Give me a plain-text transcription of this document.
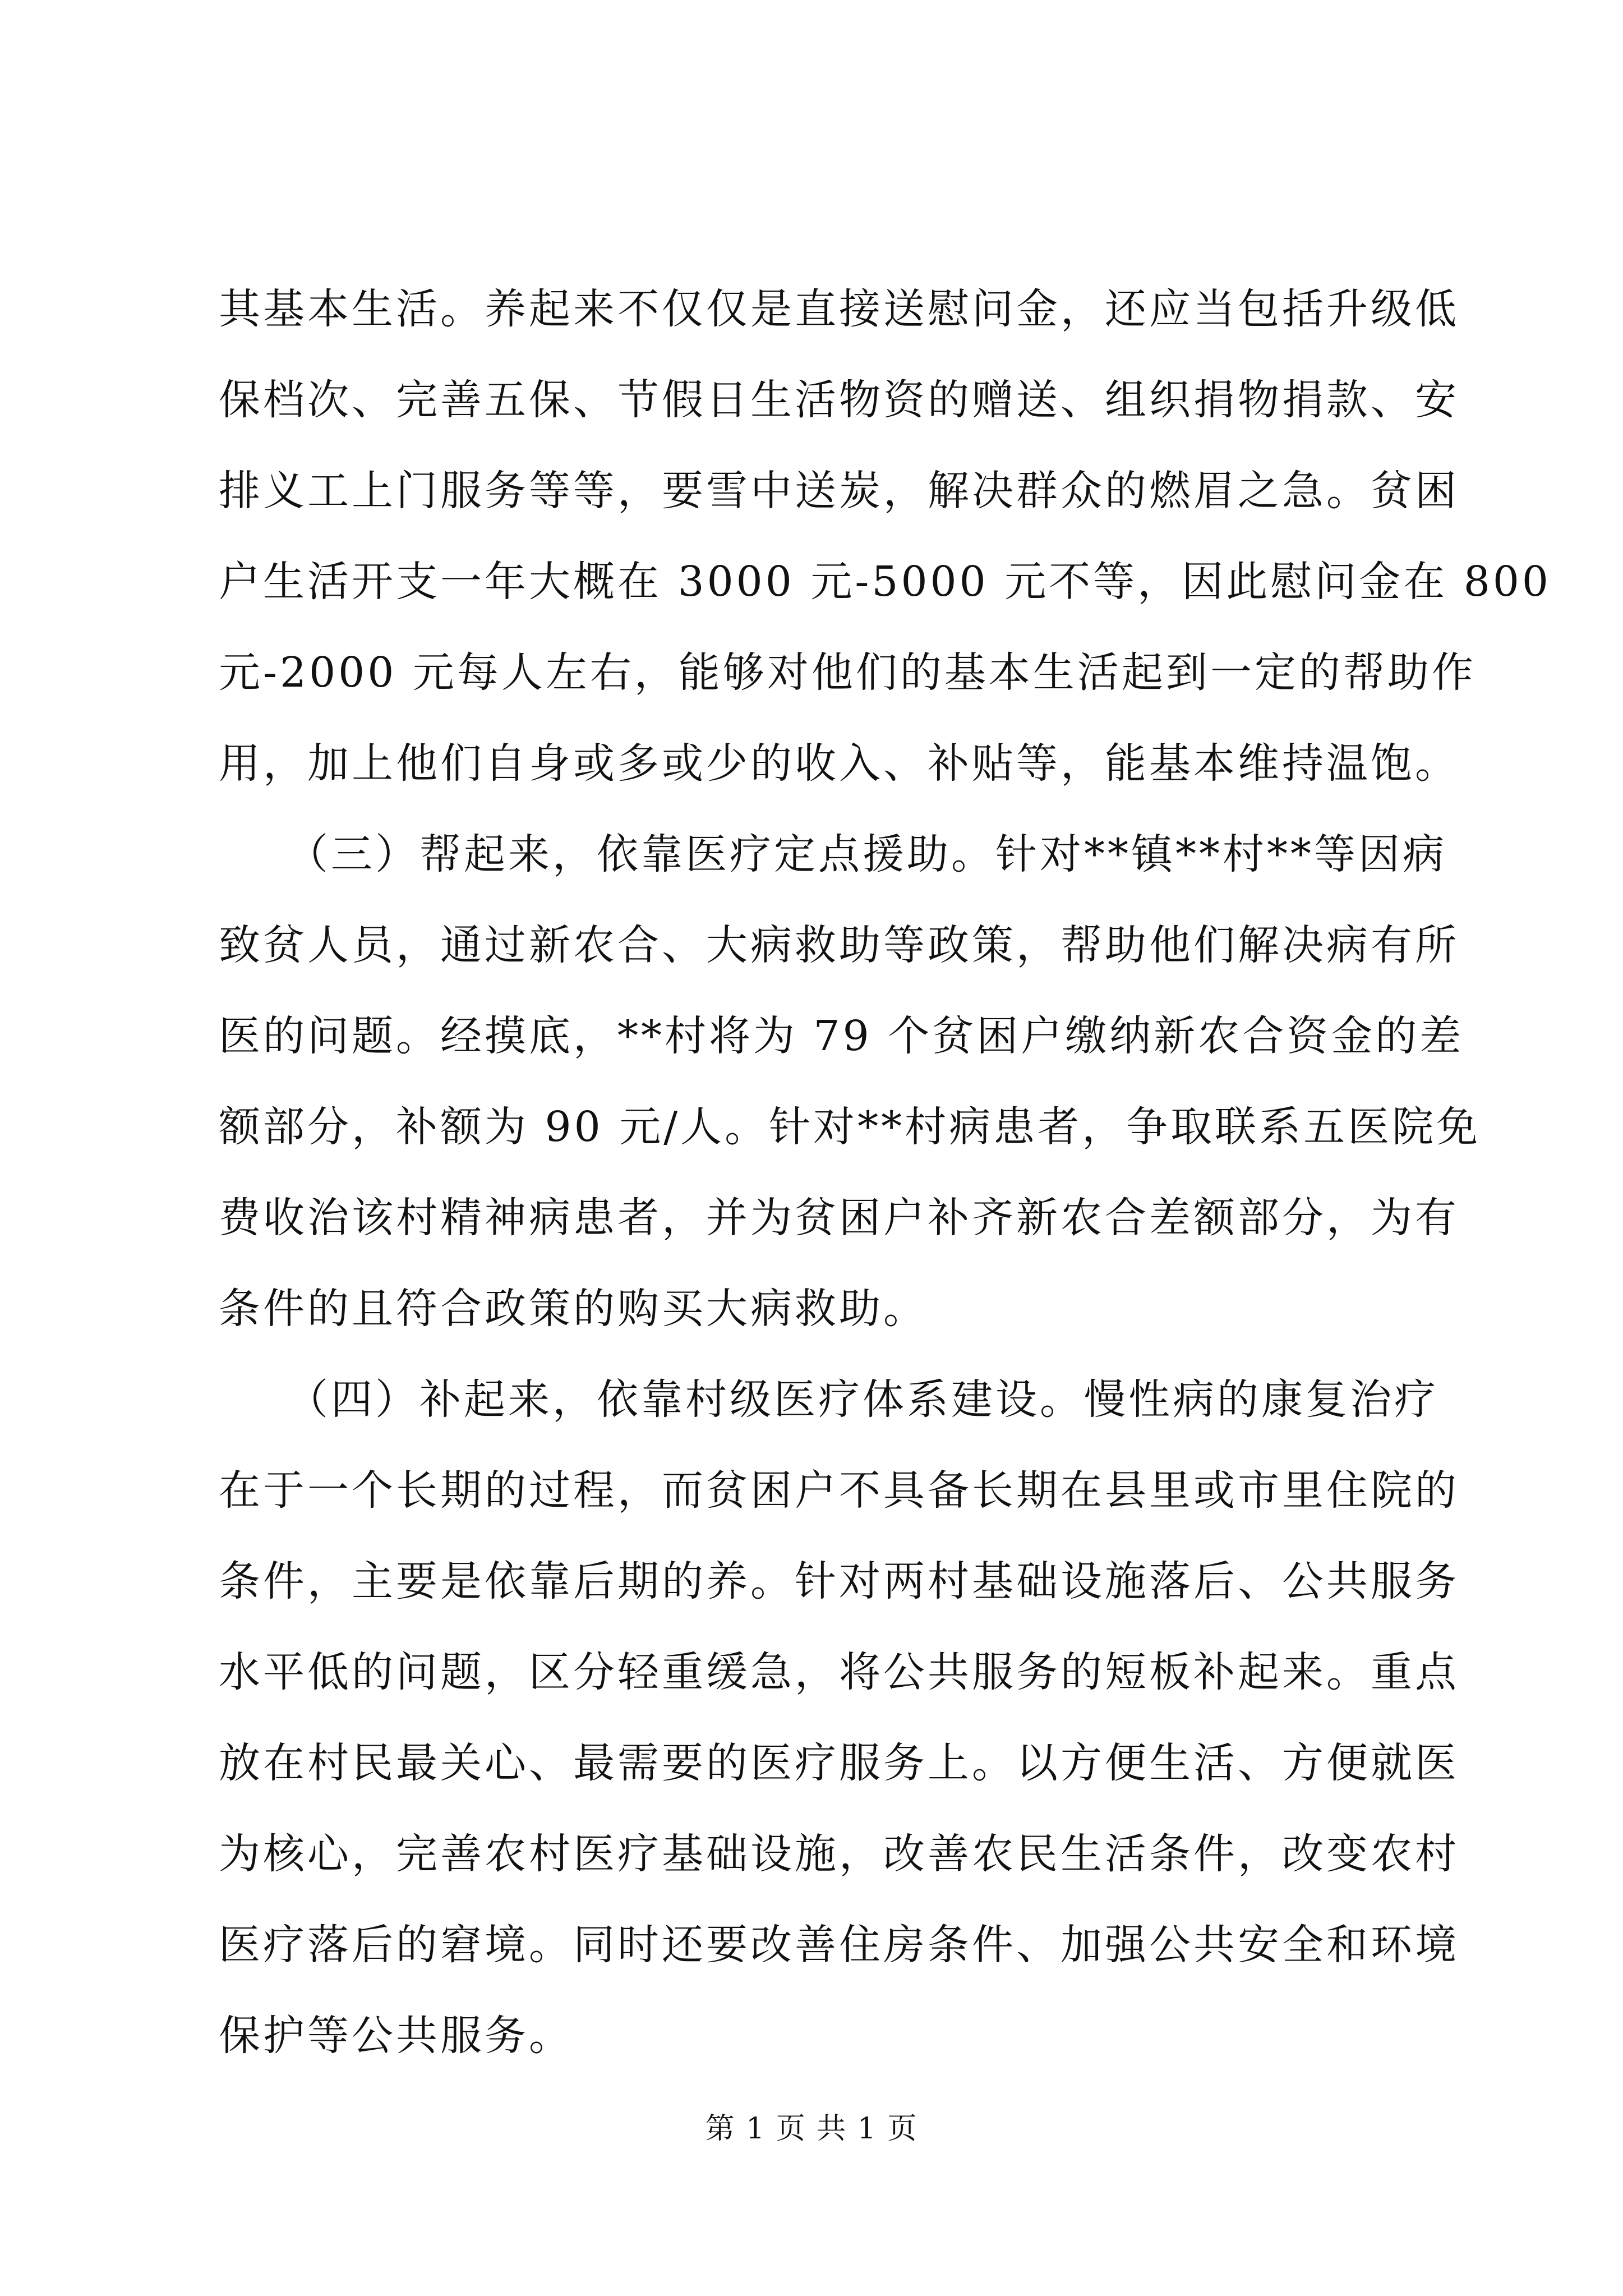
其基本生活。养起来不仅仅是直接送慰问金，还应当包括升级低
保档次、完善五保、节假日生活物资的赠送、组织捐物捐款、安
排义工上门服务等等，要雪中送炭，解决群众的燃眉之急。贫困
户生活开支一年大概在 3000 元-5000 元不等，因此慰问金在 800
元-2000 元每人左右，能够对他们的基本生活起到一定的帮助作
用，加上他们自身或多或少的收入、补贴等，能基本维持温饱。
　　（三）帮起来，依靠医疗定点援助。针对**镇**村**等因病
致贫人员，通过新农合、大病救助等政策，帮助他们解决病有所
医的问题。经摸底，**村将为 79 个贫困户缴纳新农合资金的差
额部分，补额为 90 元/人。针对**村病患者，争取联系五医院免
费收治该村精神病患者，并为贫困户补齐新农合差额部分，为有
条件的且符合政策的购买大病救助。
　　（四）补起来，依靠村级医疗体系建设。慢性病的康复治疗
在于一个长期的过程，而贫困户不具备长期在县里或市里住院的
条件，主要是依靠后期的养。针对两村基础设施落后、公共服务
水平低的问题，区分轻重缓急，将公共服务的短板补起来。重点
放在村民最关心、最需要的医疗服务上。以方便生活、方便就医
为核心，完善农村医疗基础设施，改善农民生活条件，改变农村
医疗落后的窘境。同时还要改善住房条件、加强公共安全和环境
保护等公共服务。
第 1 页 共 1 页
